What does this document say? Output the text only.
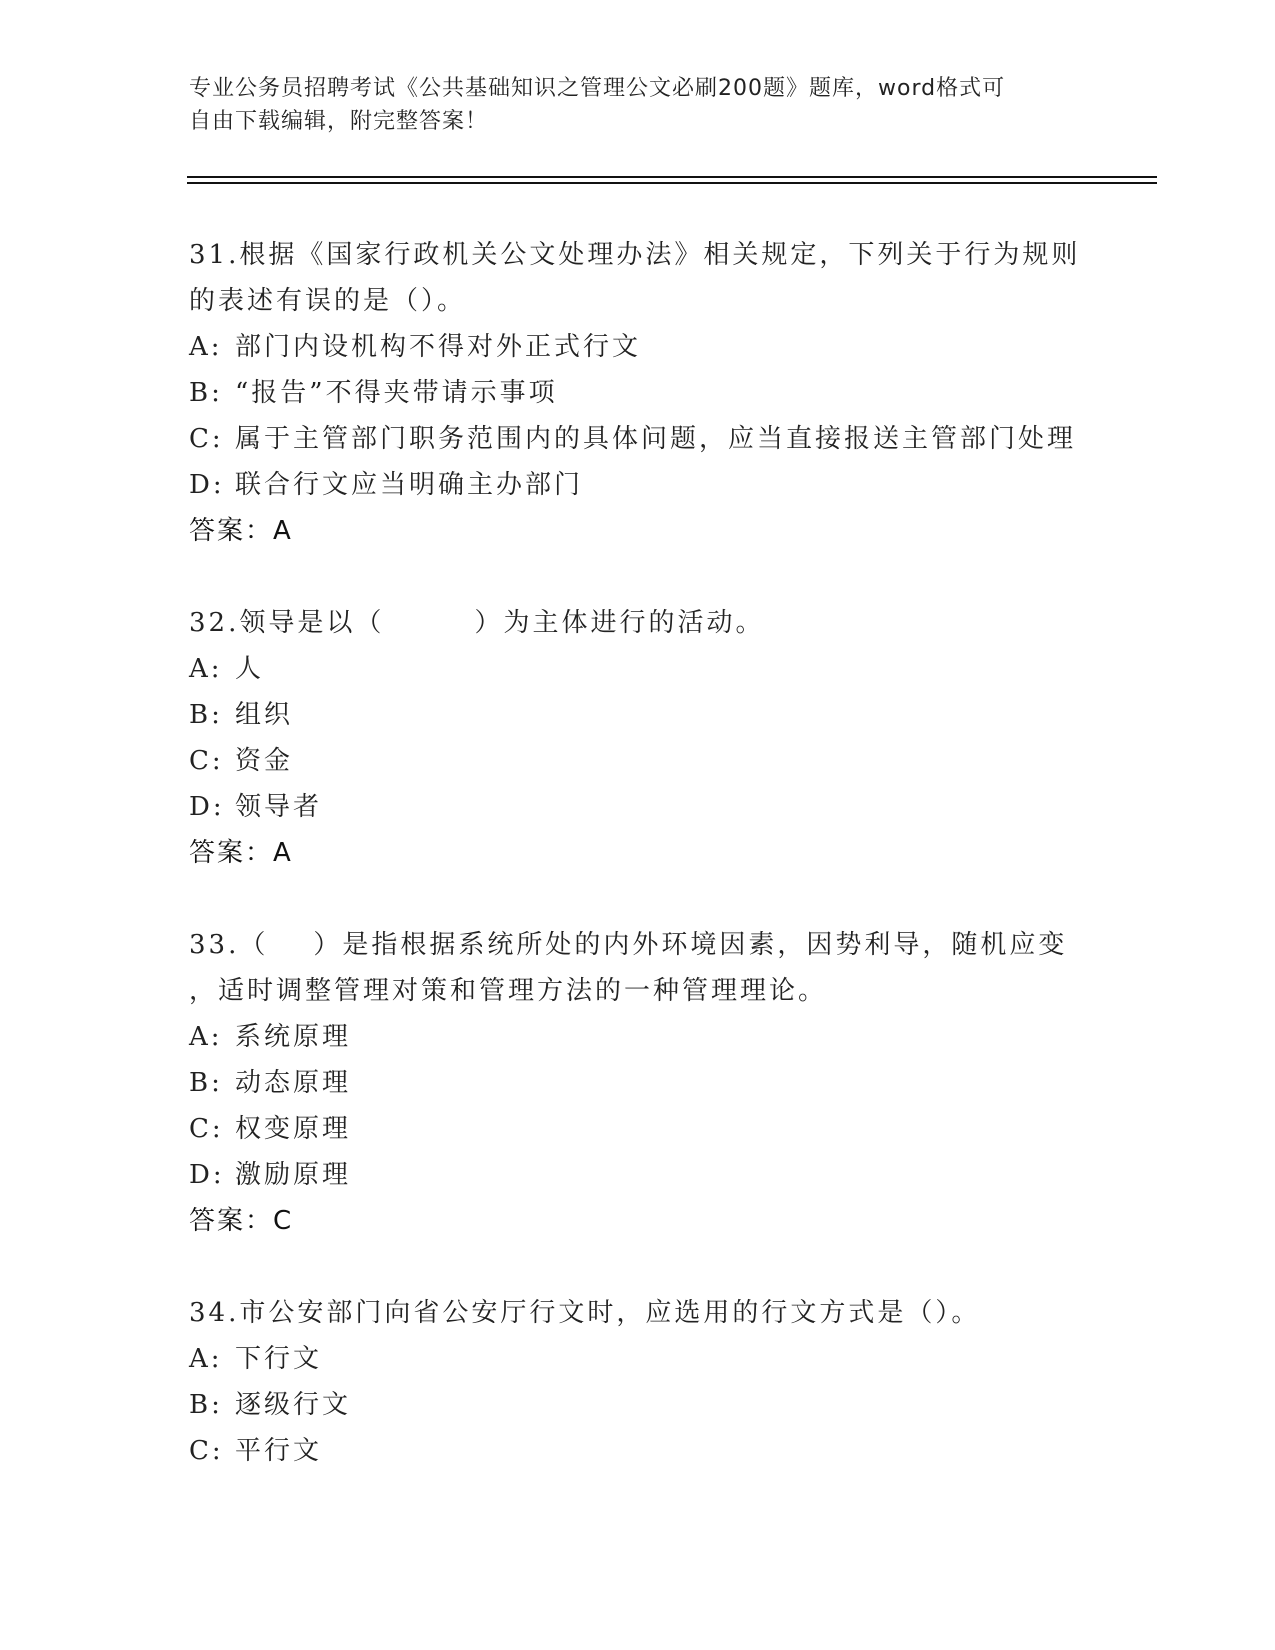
专业公务员招聘考试《公共基础知识之管理公文必刷200题》题库，word格式可
自由下载编辑，附完整答案！
31.根据《国家行政机关公文处理办法》相关规定，下列关于行为规则
的表述有误的是（）。
A: 部门内设机构不得对外正式行文
B: “报告”不得夹带请示事项
C: 属于主管部门职务范围内的具体问题，应当直接报送主管部门处理
D: 联合行文应当明确主办部门
答案：A
32.领导是以（        ）为主体进行的活动。
A: 人
B: 组织
C: 资金
D: 领导者
答案：A
33.（    ）是指根据系统所处的内外环境因素，因势利导，随机应变
，适时调整管理对策和管理方法的一种管理理论。
A: 系统原理
B: 动态原理
C: 权变原理
D: 激励原理
答案：C
34.市公安部门向省公安厅行文时，应选用的行文方式是（）。
A: 下行文
B: 逐级行文
C: 平行文
